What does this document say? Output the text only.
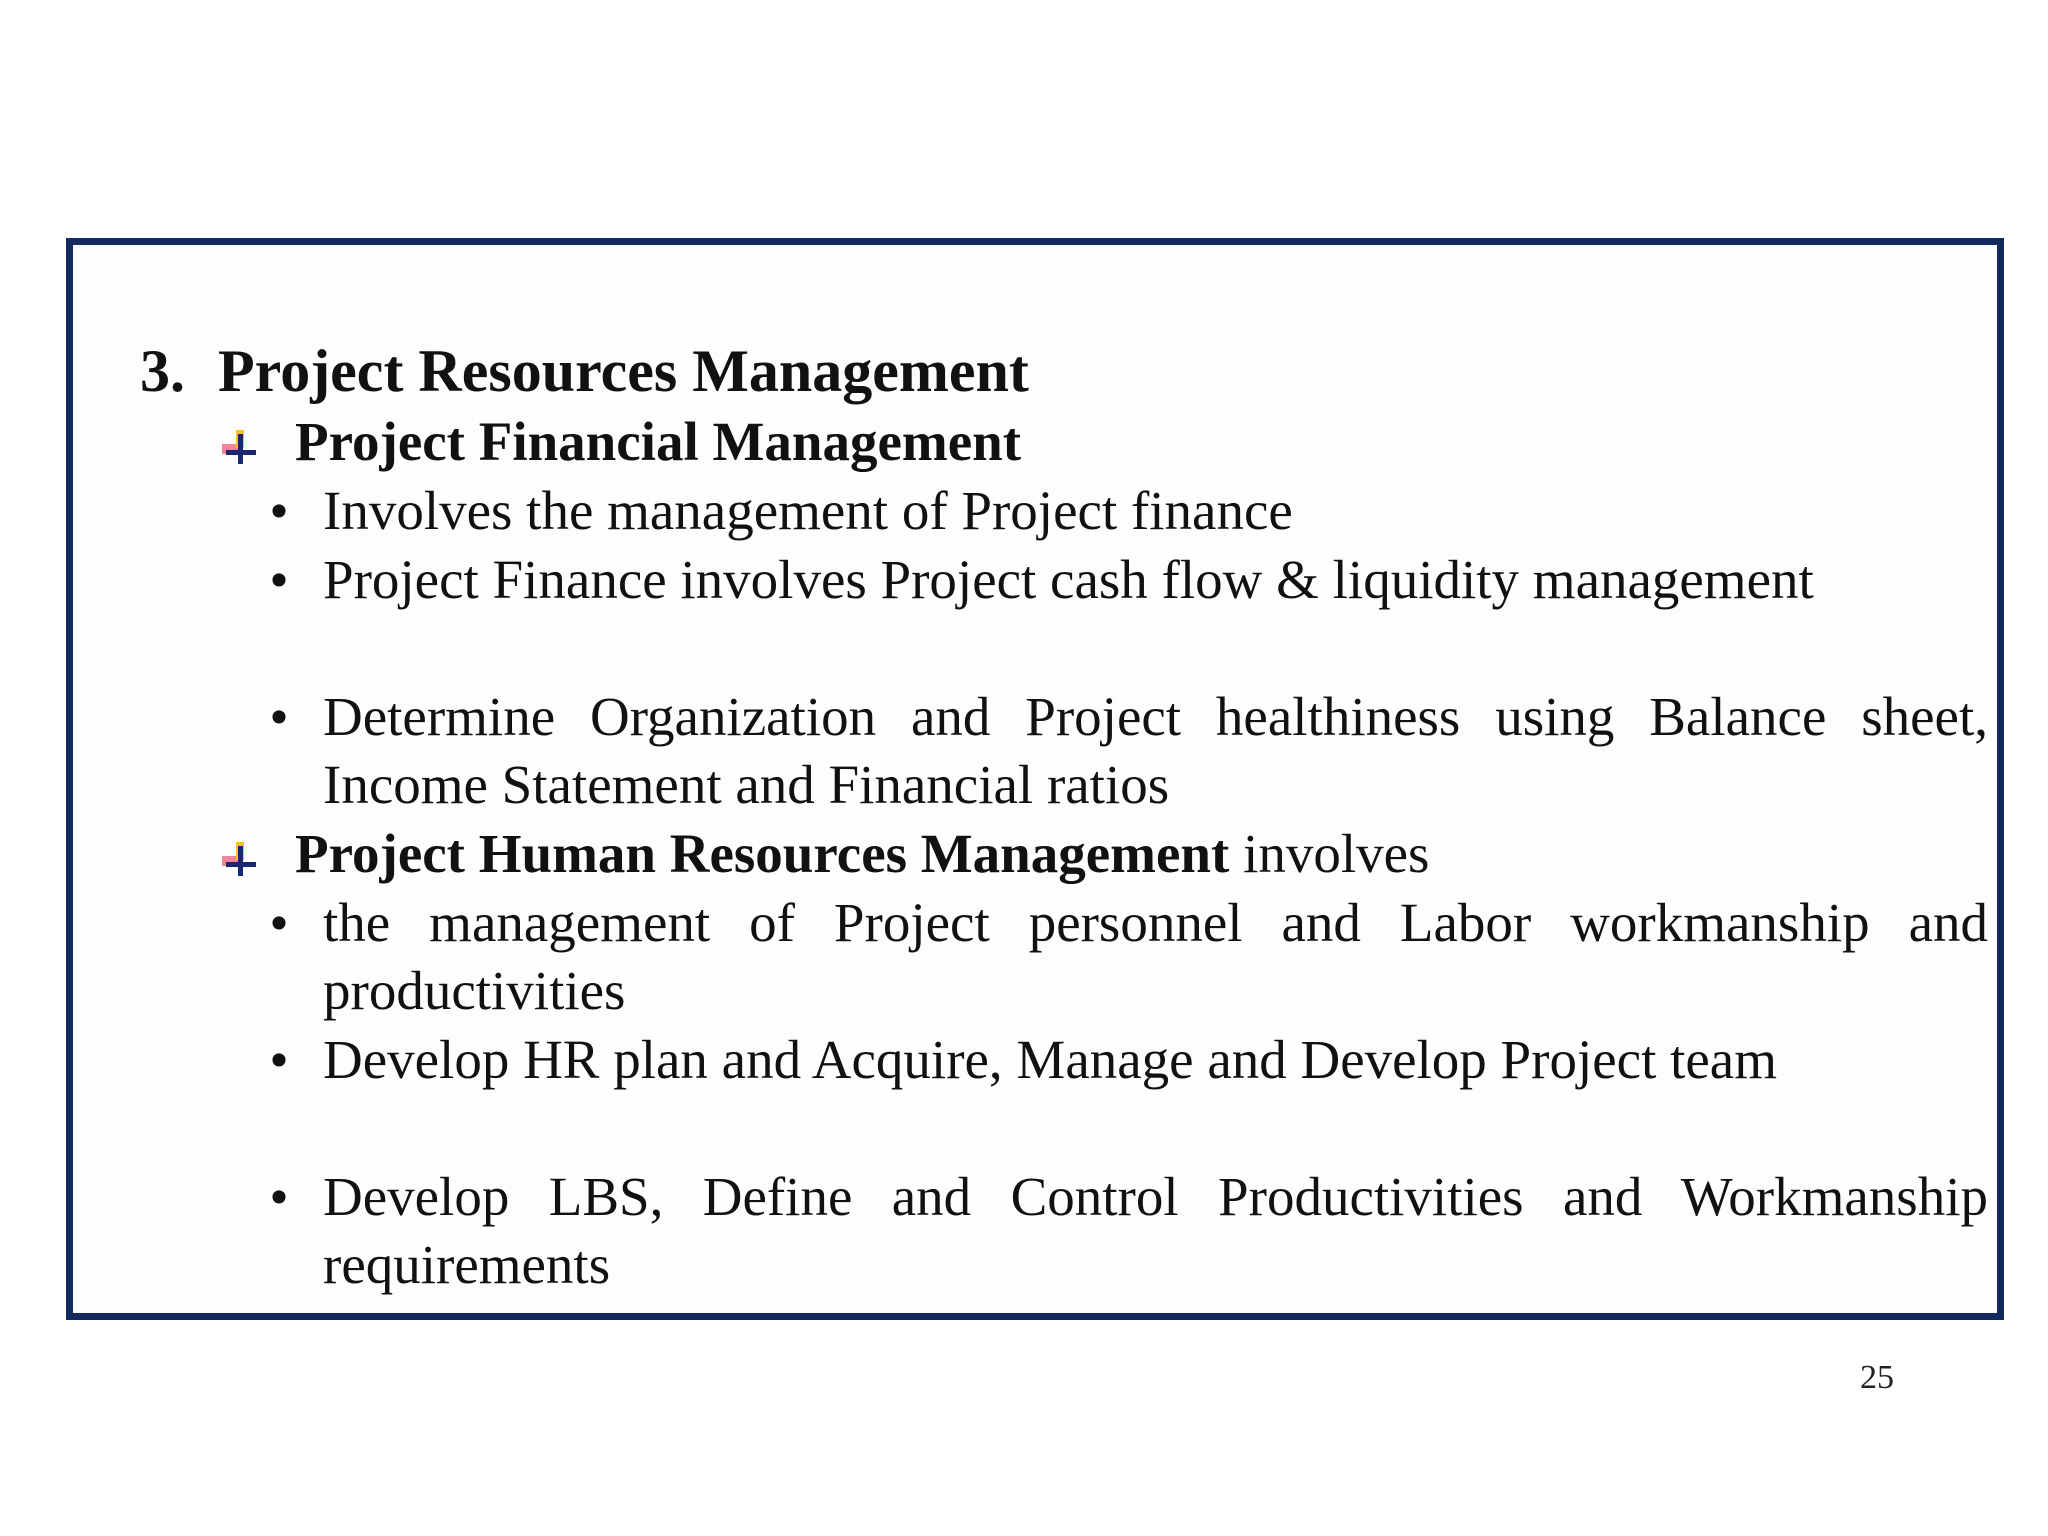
3. Project Resources Management
Project Financial Management
• Involves the management of Project finance
• Project Finance involves Project cash flow & liquidity management
• Determine Organization and Project healthiness using Balance sheet, Income Statement and Financial ratios
Project Human Resources Management involves
• the management of Project personnel and Labor workmanship and productivities
• Develop HR plan and Acquire, Manage and Develop Project team
• Develop LBS, Define and Control Productivities and Workmanship requirements
25
